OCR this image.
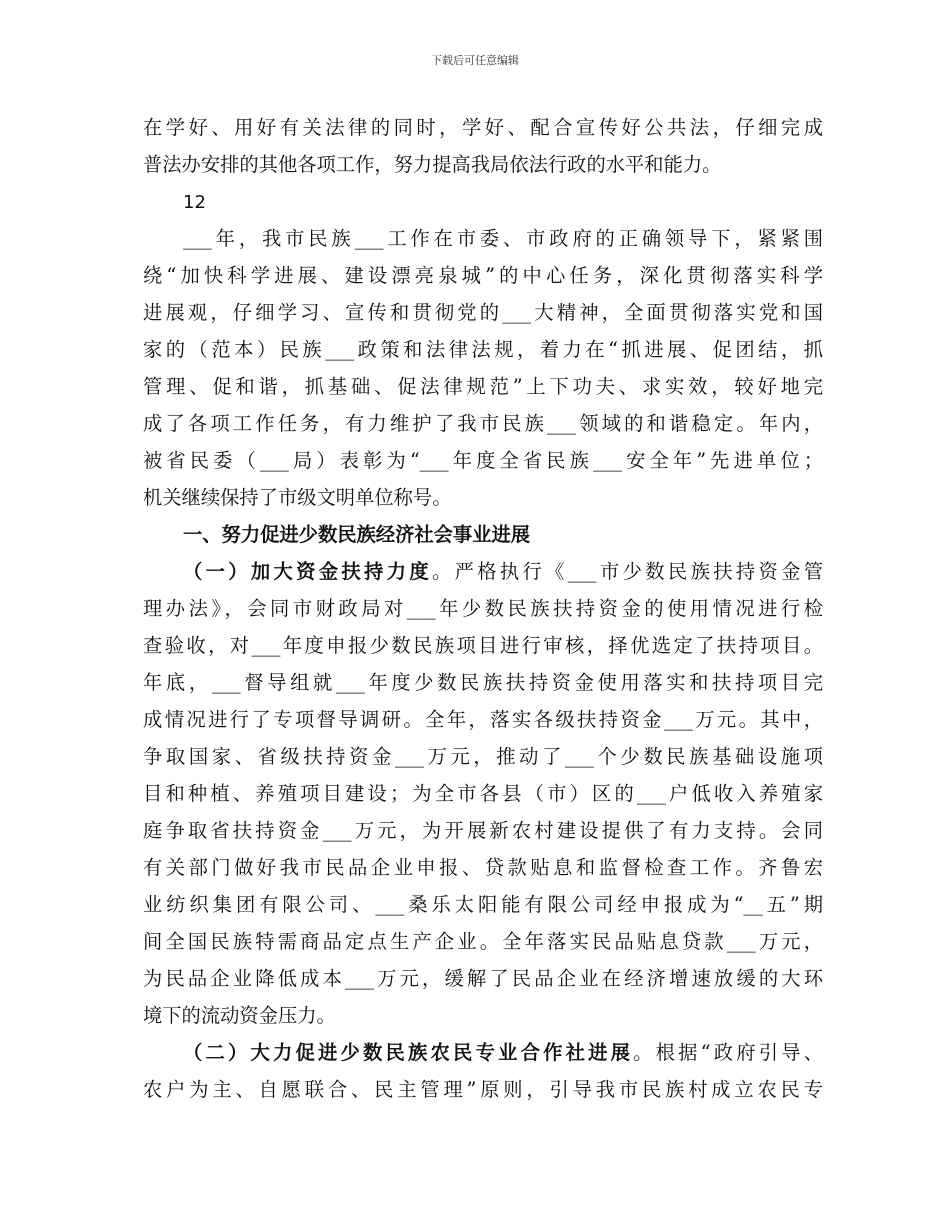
下载后可任意编辑
在学好、用好有关法律的同时，学好、配合宣传好公共法，仔细完成
普法办安排的其他各项工作，努力提高我局依法行政的水平和能力。
12
___年，我市民族___工作在市委、市政府的正确领导下，紧紧围
绕“加快科学进展、建设漂亮泉城”的中心任务，深化贯彻落实科学
进展观，仔细学习、宣传和贯彻党的___大精神，全面贯彻落实党和国
家的（范本）民族___政策和法律法规，着力在“抓进展、促团结，抓
管理、促和谐，抓基础、促法律规范”上下功夫、求实效，较好地完
成了各项工作任务，有力维护了我市民族___领域的和谐稳定。年内，
被省民委（___局）表彰为“___年度全省民族___安全年”先进单位；
机关继续保持了市级文明单位称号。
一、努力促进少数民族经济社会事业进展
（一）加大资金扶持力度。严格执行《___市少数民族扶持资金管
理办法》，会同市财政局对___年少数民族扶持资金的使用情况进行检
查验收，对___年度申报少数民族项目进行审核，择优选定了扶持项目。
年底，___督导组就___年度少数民族扶持资金使用落实和扶持项目完
成情况进行了专项督导调研。全年，落实各级扶持资金___万元。其中，
争取国家、省级扶持资金___万元，推动了___个少数民族基础设施项
目和种植、养殖项目建设；为全市各县（市）区的___户低收入养殖家
庭争取省扶持资金___万元，为开展新农村建设提供了有力支持。会同
有关部门做好我市民品企业申报、贷款贴息和监督检查工作。齐鲁宏
业纺织集团有限公司、___桑乐太阳能有限公司经申报成为“__五”期
间全国民族特需商品定点生产企业。全年落实民品贴息贷款___万元，
为民品企业降低成本___万元，缓解了民品企业在经济增速放缓的大环
境下的流动资金压力。
（二）大力促进少数民族农民专业合作社进展。根据“政府引导、
农户为主、自愿联合、民主管理”原则，引导我市民族村成立农民专
